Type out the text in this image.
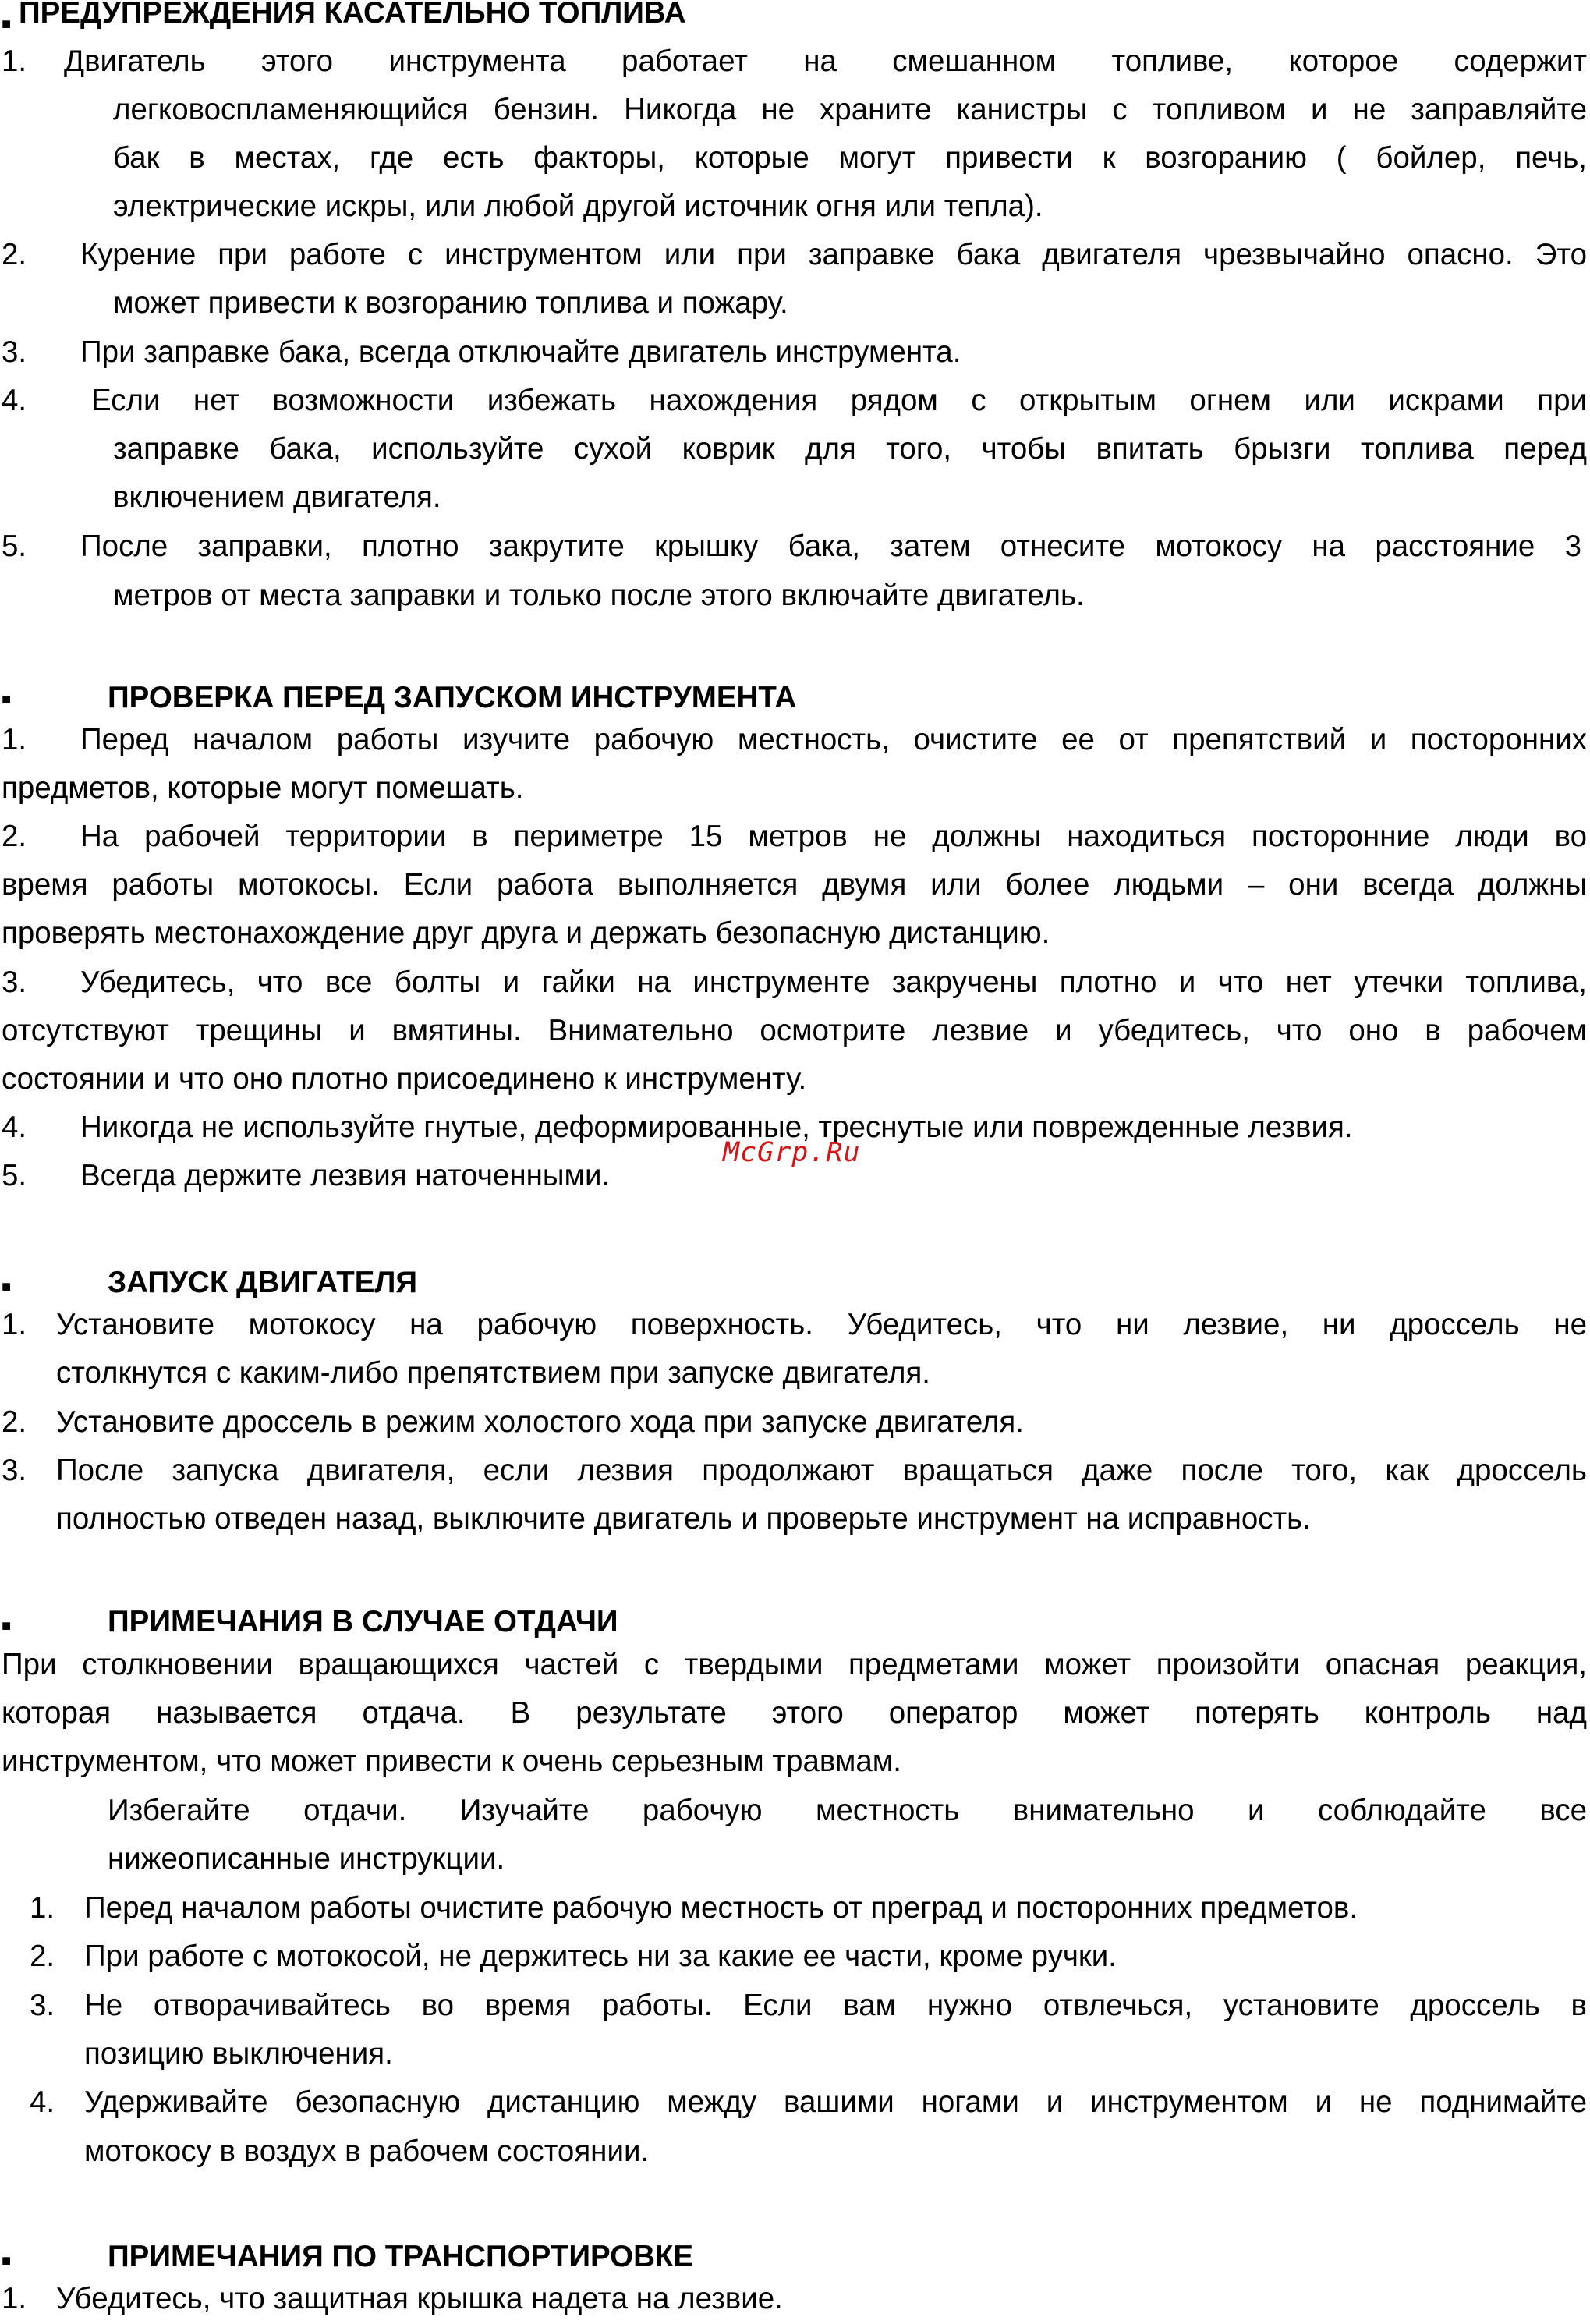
■ ПРЕДУПРЕЖДЕНИЯ КАСАТЕЛЬНО ТОПЛИВА
1. Двигатель этого инструмента работает на смешанном топливе, которое содержит
легковоспламеняющийся бензин. Никогда не храните канистры с топливом и не заправляйте
бак в местах, где есть факторы, которые могут привести к возгоранию ( бойлер, печь,
электрические искры, или любой другой источник огня или тепла).
2. Курение при работе с инструментом или при заправке бака двигателя чрезвычайно опасно. Это
может привести к возгоранию топлива и пожару.
3. При заправке бака, всегда отключайте двигатель инструмента.
4. Если нет возможности избежать нахождения рядом с открытым огнем или искрами при
заправке бака, используйте сухой коврик для того, чтобы впитать брызги топлива перед
включением двигателя.
5. После заправки, плотно закрутите крышку бака, затем отнесите мотокосу на расстояние 3
метров от места заправки и только после этого включайте двигатель.
■	ПРОВЕРКА ПЕРЕД ЗАПУСКОМ ИНСТРУМЕНТА
1. Перед началом работы изучите рабочую местность, очистите ее от препятствий и посторонних
предметов, которые могут помешать.
2. На рабочей территории в периметре 15 метров не должны находиться посторонние люди во
время работы мотокосы. Если работа выполняется двумя или более людьми – они всегда должны
проверять местонахождение друг друга и держать безопасную дистанцию.
3. Убедитесь, что все болты и гайки на инструменте закручены плотно и что нет утечки топлива,
отсутствуют трещины и вмятины. Внимательно осмотрите лезвие и убедитесь, что оно в рабочем
состоянии и что оно плотно присоединено к инструменту.
4. Никогда не используйте гнутые, деформированные, треснутые или поврежденные лезвия.
5. Всегда держите лезвия наточенными.
McGrp.Ru
■	ЗАПУСК ДВИГАТЕЛЯ
1. Установите мотокосу на рабочую поверхность. Убедитесь, что ни лезвие, ни дроссель не
столкнутся с каким-либо препятствием при запуске двигателя.
2. Установите дроссель в режим холостого хода при запуске двигателя.
3. После запуска двигателя, если лезвия продолжают вращаться даже после того, как дроссель
полностью отведен назад, выключите двигатель и проверьте инструмент на исправность.
■	ПРИМЕЧАНИЯ В СЛУЧАЕ ОТДАЧИ
При столкновении вращающихся частей с твердыми предметами может произойти опасная реакция,
которая называется отдача. В результате этого оператор может потерять контроль над
инструментом, что может привести к очень серьезным травмам.
Избегайте отдачи. Изучайте рабочую местность внимательно и соблюдайте все
нижеописанные инструкции.
1. Перед началом работы очистите рабочую местность от преград и посторонних предметов.
2. При работе с мотокосой, не держитесь ни за какие ее части, кроме ручки.
3. Не отворачивайтесь во время работы. Если вам нужно отвлечься, установите дроссель в
позицию выключения.
4. Удерживайте безопасную дистанцию между вашими ногами и инструментом и не поднимайте
мотокосу в воздух в рабочем состоянии.
■	ПРИМЕЧАНИЯ ПО ТРАНСПОРТИРОВКЕ
1. Убедитесь, что защитная крышка надета на лезвие.
